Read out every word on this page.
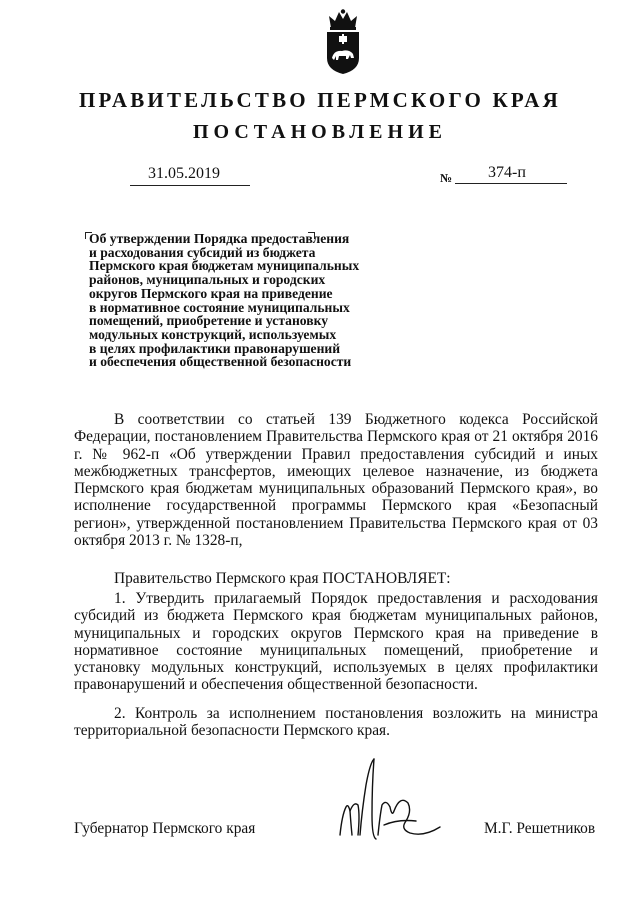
ПРАВИТЕЛЬСТВО ПЕРМСКОГО КРАЯ
ПОСТАНОВЛЕНИЕ
31.05.2019	№ 374-п
Об утверждении Порядка предоставления
и расходования субсидий из бюджета
Пермского края бюджетам муниципальных
районов, муниципальных и городских
округов Пермского края на приведение
в нормативное состояние муниципальных
помещений, приобретение и установку
модульных конструкций, используемых
в целях профилактики правонарушений
и обеспечения общественной безопасности
В соответствии со статьей 139 Бюджетного кодекса Российской Федерации, постановлением Правительства Пермского края от 21 октября 2016 г. № 962-п «Об утверждении Правил предоставления субсидий и иных межбюджетных трансфертов, имеющих целевое назначение, из бюджета Пермского края бюджетам муниципальных образований Пермского края», во исполнение государственной программы Пермского края «Безопасный регион», утвержденной постановлением Правительства Пермского края от 03 октября 2013 г. № 1328-п,
Правительство Пермского края ПОСТАНОВЛЯЕТ:
1. Утвердить прилагаемый Порядок предоставления и расходования субсидий из бюджета Пермского края бюджетам муниципальных районов, муниципальных и городских округов Пермского края на приведение в нормативное состояние муниципальных помещений, приобретение и установку модульных конструкций, используемых в целях профилактики правонарушений и обеспечения общественной безопасности.
2. Контроль за исполнением постановления возложить на министра территориальной безопасности Пермского края.
Губернатор Пермского края	М.Г. Решетников
